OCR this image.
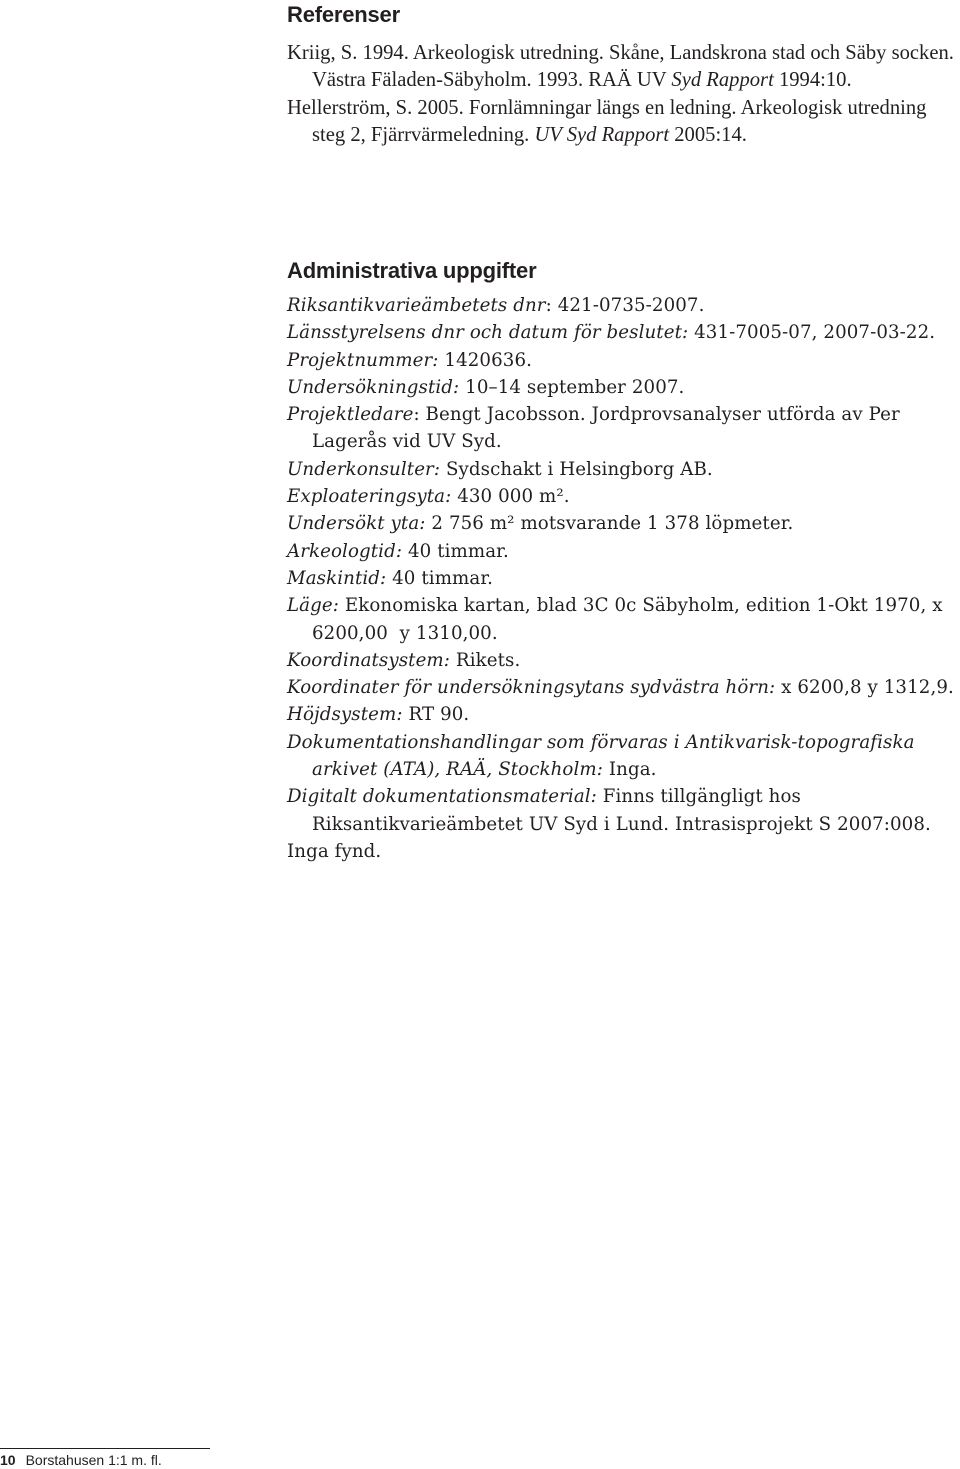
Referenser

Kriig, S. 1994. Arkeologisk utredning. Skåne, Landskrona stad och Säby socken. Västra Fäladen-Säbyholm. 1993. RAÄ UV Syd Rapport 1994:10.

Hellerström, S. 2005. Fornlämningar längs en ledning. Arkeologisk utredning steg 2, Fjärrvärmeledning. UV Syd Rapport 2005:14.

Administrativa uppgifter

Riksantikvarieämbetets dnr: 421-0735-2007.

Länsstyrelsens dnr och datum för beslutet: 431-7005-07, 2007-03-22.

Projektnummer: 1420636.

Undersökningstid: 10–14 september 2007.

Projektledare: Bengt Jacobsson. Jordprovsanalyser utförda av Per Lagerås vid UV Syd.

Underkonsulter: Sydschakt i Helsingborg AB.

Exploateringsyta: 430 000 m².

Undersökt yta: 2 756 m² motsvarande 1 378 löpmeter.

Arkeologtid: 40 timmar.

Maskintid: 40 timmar.

Läge: Ekonomiska kartan, blad 3C 0c Säbyholm, edition 1-Okt 1970, x 6200,00  y 1310,00.

Koordinatsystem: Rikets.

Koordinater för undersökningsytans sydvästra hörn: x 6200,8 y 1312,9.

Höjdsystem: RT 90.

Dokumentationshandlingar som förvaras i Antikvarisk-topografiska arkivet (ATA), RAÄ, Stockholm: Inga.

Digitalt dokumentationsmaterial: Finns tillgängligt hos Riksantikvarieämbetet UV Syd i Lund. Intrasisprojekt S 2007:008.

Inga fynd.

10 Borstahusen 1:1 m. fl.
